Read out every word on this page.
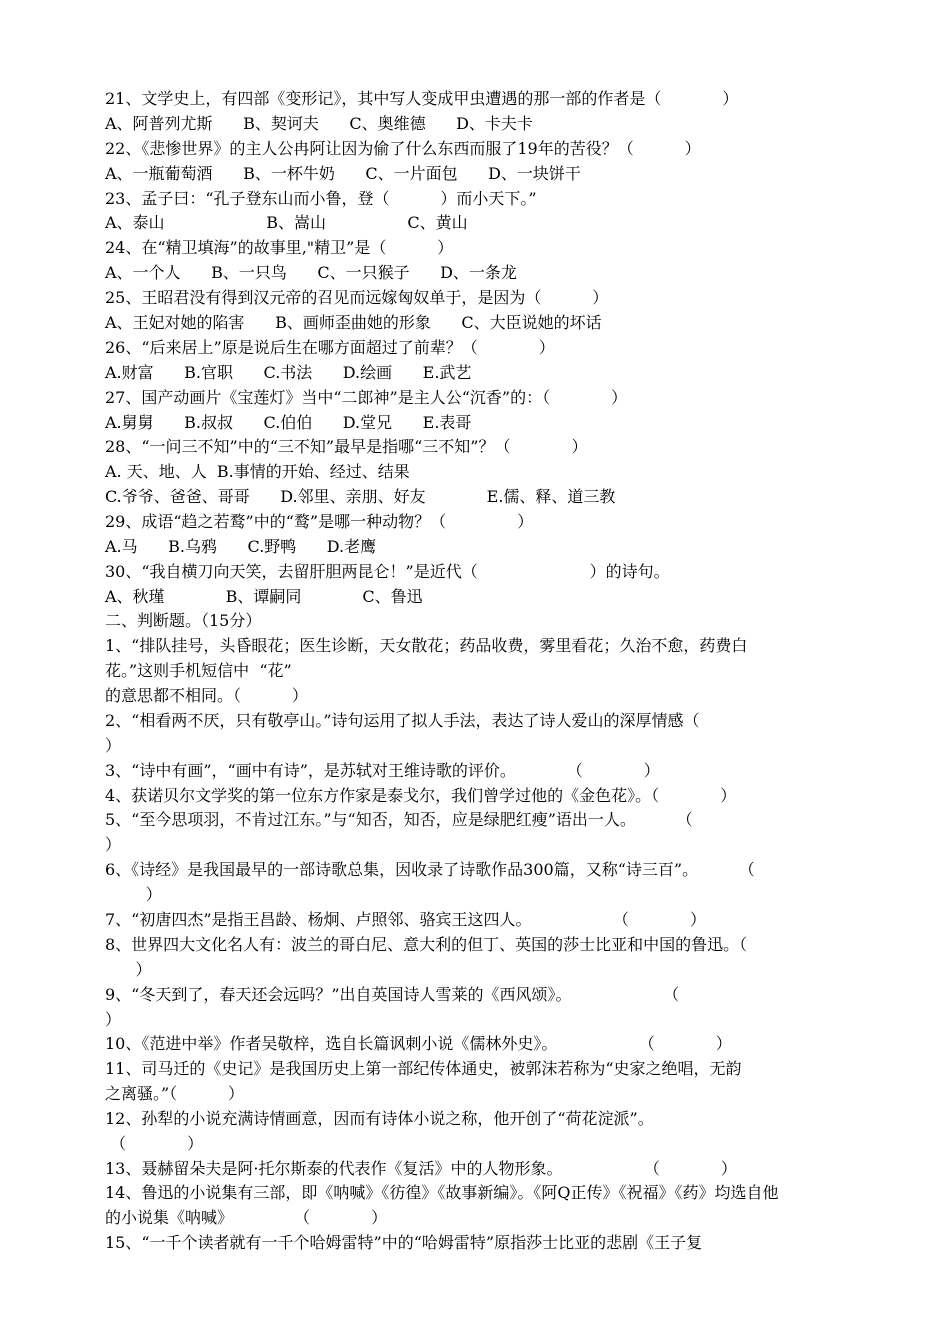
21、文学史上，有四部《变形记》，其中写人变成甲虫遭遇的那一部的作者是（            ）
A、阿普列尤斯      B、契诃夫      C、奥维德      D、卡夫卡
22、《悲惨世界》的主人公冉阿让因为偷了什么东西而服了19年的苦役？（          ）
A、一瓶葡萄酒      B、一杯牛奶      C、一片面包      D、一块饼干
23、孟子曰：“孔子登东山而小鲁，登（          ）而小天下。”
A、泰山                    B、嵩山                C、黄山
24、在“精卫填海”的故事里,"精卫”是（          ）
A、一个人      B、一只鸟      C、一只猴子      D、一条龙
25、王昭君没有得到汉元帝的召见而远嫁匈奴单于，是因为（          ）
A、王妃对她的陷害      B、画师歪曲她的形象      C、大臣说她的坏话
26、“后来居上”原是说后生在哪方面超过了前辈？（            ）
A.财富      B.官职      C.书法      D.绘画      E.武艺
27、国产动画片《宝莲灯》当中“二郎神”是主人公“沉香”的：（            ）
A.舅舅      B.叔叔      C.伯伯      D.堂兄      E.表哥
28、“一问三不知”中的“三不知”最早是指哪“三不知”？（            ）
A. 天、地、人  B.事情的开始、经过、结果
C.爷爷、爸爸、哥哥      D.邻里、亲朋、好友            E.儒、释、道三教
29、成语“趋之若鹜”中的“鹜”是哪一种动物？（              ）
A.马      B.乌鸦      C.野鸭      D.老鹰
30、“我自横刀向天笑，去留肝胆两昆仑！”是近代（                      ）的诗句。
A、秋瑾            B、谭嗣同            C、鲁迅
二、判断题。（15分）
1、“排队挂号，头昏眼花；医生诊断，天女散花；药品收费，雾里看花；久治不愈，药费白
花。”这则手机短信中  “花”
的意思都不相同。（          ）
2、“相看两不厌，只有敬亭山。”诗句运用了拟人手法，表达了诗人爱山的深厚情感（
）
3、“诗中有画”，“画中有诗”，是苏轼对王维诗歌的评价。          （            ）
4、获诺贝尔文学奖的第一位东方作家是泰戈尔，我们曾学过他的《金色花》。（            ）
5、“至今思项羽，不肯过江东。”与“知否，知否，应是绿肥红瘦”语出一人。        （
）
6、《诗经》是我国最早的一部诗歌总集，因收录了诗歌作品300篇，又称“诗三百”。        （
）
7、“初唐四杰”是指王昌龄、杨炯、卢照邻、骆宾王这四人。                （            ）
8、世界四大文化名人有：波兰的哥白尼、意大利的但丁、英国的莎士比亚和中国的鲁迅。（
）
9、“冬天到了，春天还会远吗？”出自英国诗人雪莱的《西风颂》。                  （
）
10、《范进中举》作者吴敬梓，选自长篇讽刺小说《儒林外史》。                （            ）
11、司马迁的《史记》是我国历史上第一部纪传体通史，被郭沫若称为“史家之绝唱，无韵
之离骚。”（          ）
12、孙犁的小说充满诗情画意，因而有诗体小说之称，他开创了“荷花淀派”。
（            ）
13、聂赫留朵夫是阿·托尔斯泰的代表作《复活》中的人物形象。                （            ）
14、鲁迅的小说集有三部，即《呐喊》《彷徨》《故事新编》。《阿Q正传》《祝福》《药》均选自他
的小说集《呐喊》            （            ）
15、“一千个读者就有一千个哈姆雷特”中的“哈姆雷特”原指莎士比亚的悲剧《王子复
